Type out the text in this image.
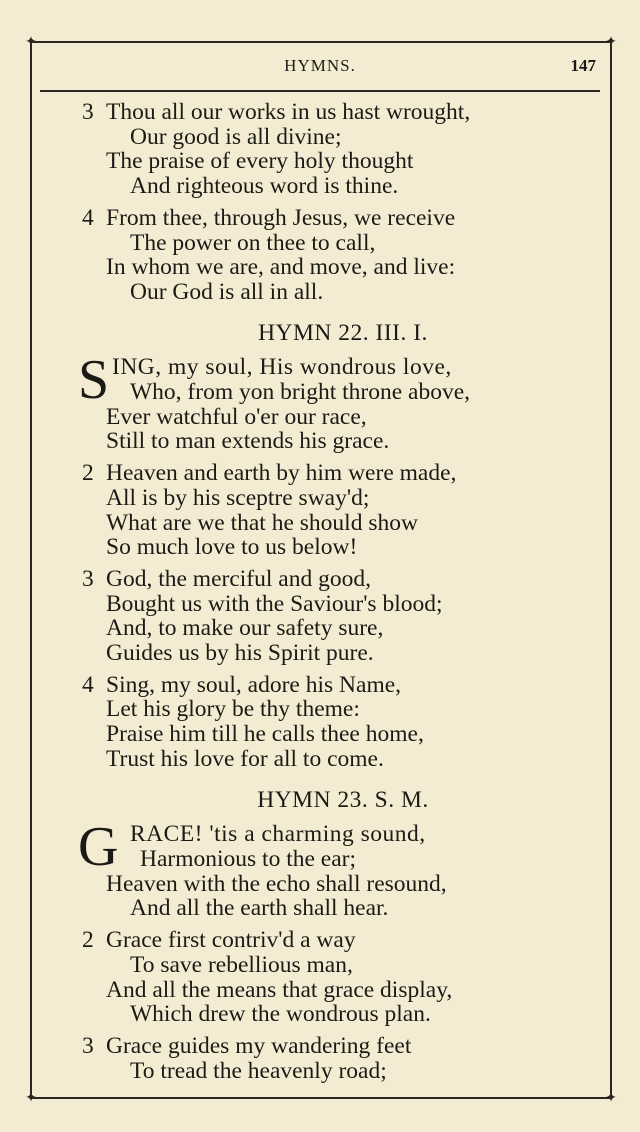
✦	✦
✦	✦
HYMNS.	147
3 Thou all our works in us hast wrought,
Our good is all divine;
The praise of every holy thought
And righteous word is thine.
4 From thee, through Jesus, we receive
The power on thee to call,
In whom we are, and move, and live:
Our God is all in all.
HYMN 22. III. I.
S ING, my soul, His wondrous love,
Who, from yon bright throne above,
Ever watchful o'er our race,
Still to man extends his grace.
2 Heaven and earth by him were made,
All is by his sceptre sway'd;
What are we that he should show
So much love to us below!
3 God, the merciful and good,
Bought us with the Saviour's blood;
And, to make our safety sure,
Guides us by his Spirit pure.
4 Sing, my soul, adore his Name,
Let his glory be thy theme:
Praise him till he calls thee home,
Trust his love for all to come.
HYMN 23. S. M.
G RACE! 'tis a charming sound,
Harmonious to the ear;
Heaven with the echo shall resound,
And all the earth shall hear.
2 Grace first contriv'd a way
To save rebellious man,
And all the means that grace display,
Which drew the wondrous plan.
3 Grace guides my wandering feet
To tread the heavenly road;
